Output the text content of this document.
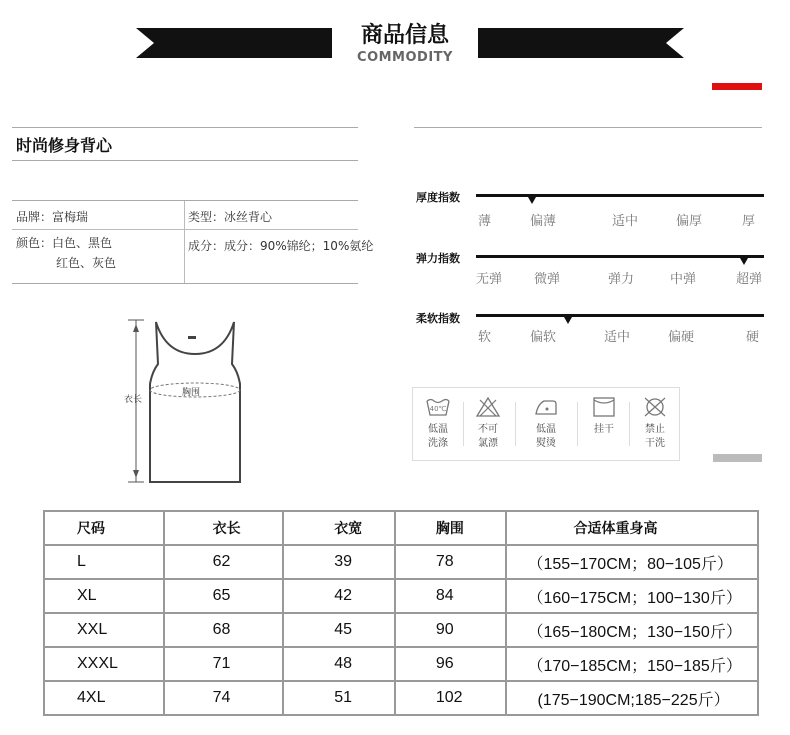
商品信息
COMMODITY
时尚修身背心
品牌：富梅瑞	类型：冰丝背心
颜色：白色、黑色
红色、灰色
成分：成分：90%锦纶；10%氨纶
衣长
胸围
厚度指数
薄	偏薄	适中	偏厚	厚
弹力指数
无弹 微弹	弹力	中弹	超弹
柔软指数
软	偏软	适中	偏硬	硬
40℃
低温
洗涤
不可
氯漂
低温
熨烫
挂干	禁止
干洗
尺码	衣长	衣宽	胸围	合适体重身高
L	62	39	78	（155−170CM；80−105斤）
XL	65	42	84	（160−175CM；100−130斤）
XXL	68	45	90	（165−180CM；130−150斤）
XXXL	71	48	96	（170−185CM；150−185斤）
4XL	74	51	102	(175−190CM;185−225斤）
